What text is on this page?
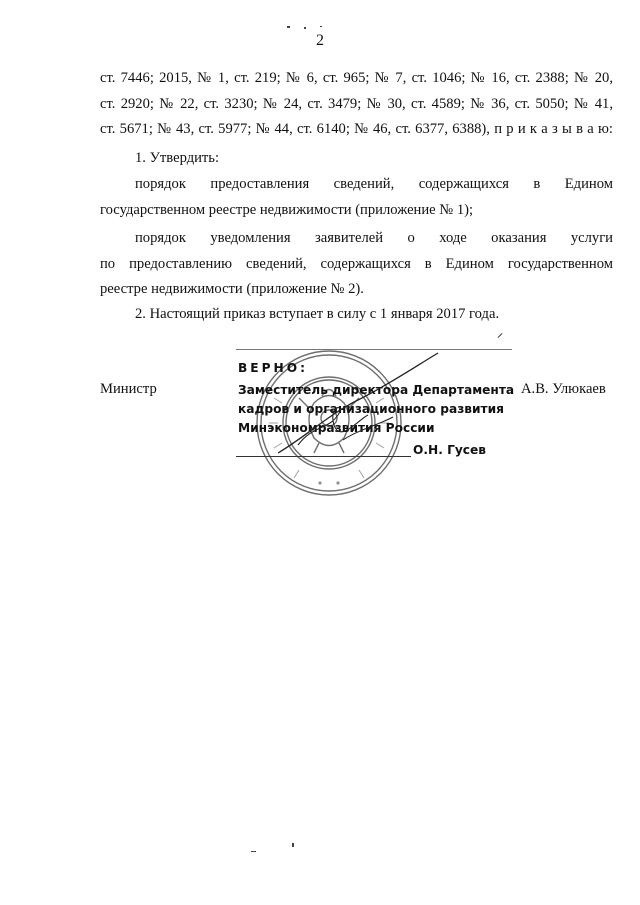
2
ст. 7446; 2015, № 1, ст. 219; № 6, ст. 965; № 7, ст. 1046; № 16, ст. 2388; № 20,
ст. 2920; № 22, ст. 3230; № 24, ст. 3479; № 30, ст. 4589; № 36, ст. 5050; № 41,
ст. 5671; № 43, ст. 5977; № 44, ст. 6140; № 46, ст. 6377, 6388), п р и к а з ы в а ю:
1. Утвердить:
порядок предоставления сведений, содержащихся в Едином
государственном реестре недвижимости (приложение № 1);
порядок уведомления заявителей о ходе оказания услуги
по предоставлению сведений, содержащихся в Едином государственном
реестре недвижимости (приложение № 2).
2. Настоящий приказ вступает в силу с 1 января 2017 года.
ВЕРНО:
Министр	Заместитель директора Департамента А.В. Улюкаев
кадров и организационного развития
Минэкономразвития России
О.Н. Гусев
